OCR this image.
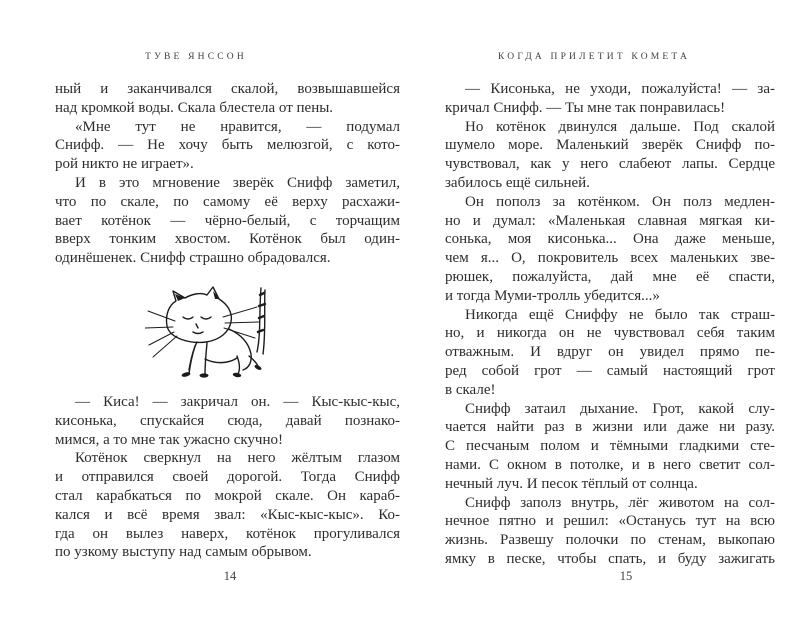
ТУВЕ ЯНССОН
ный и заканчивался скалой, возвышавшейся
над кромкой воды. Скала блестела от пены.
«Мне тут не нравится, — подумал
Снифф. — Не хочу быть мелюзгой, с кото-
рой никто не играет».
И в это мгновение зверёк Снифф заметил,
что по скале, по самому её верху расхажи-
вает котёнок — чёрно-белый, с торчащим
вверх тонким хвостом. Котёнок был один-
одинёшенек. Снифф страшно обрадовался.
— Киса! — закричал он. — Кыс-кыс-кыс,
кисонька, спускайся сюда, давай познако-
мимся, а то мне так ужасно скучно!
Котёнок сверкнул на него жёлтым глазом
и отправился своей дорогой. Тогда Снифф
стал карабкаться по мокрой скале. Он караб-
кался и всё время звал: «Кыс-кыс-кыс». Ко-
гда он вылез наверх, котёнок прогуливался
по узкому выступу над самым обрывом.
14
КОГДА ПРИЛЕТИТ КОМЕТА
— Кисонька, не уходи, пожалуйста! — за-
кричал Снифф. — Ты мне так понравилась!
Но котёнок двинулся дальше. Под скалой
шумело море. Маленький зверёк Снифф по-
чувствовал, как у него слабеют лапы. Сердце
забилось ещё сильней.
Он пополз за котёнком. Он полз медлен-
но и думал: «Маленькая славная мягкая ки-
сонька, моя кисонька... Она даже меньше,
чем я... О, покровитель всех маленьких зве-
рюшек, пожалуйста, дай мне её спасти,
и тогда Муми-тролль убедится...»
Никогда ещё Сниффу не было так страш-
но, и никогда он не чувствовал себя таким
отважным. И вдруг он увидел прямо пе-
ред собой грот — самый настоящий грот
в скале!
Снифф затаил дыхание. Грот, какой слу-
чается найти раз в жизни или даже ни разу.
С песчаным полом и тёмными гладкими сте-
нами. С окном в потолке, и в него светит сол-
нечный луч. И песок тёплый от солнца.
Снифф заполз внутрь, лёг животом на сол-
нечное пятно и решил: «Останусь тут на всю
жизнь. Развешу полочки по стенам, выкопаю
ямку в песке, чтобы спать, и буду зажигать
15
